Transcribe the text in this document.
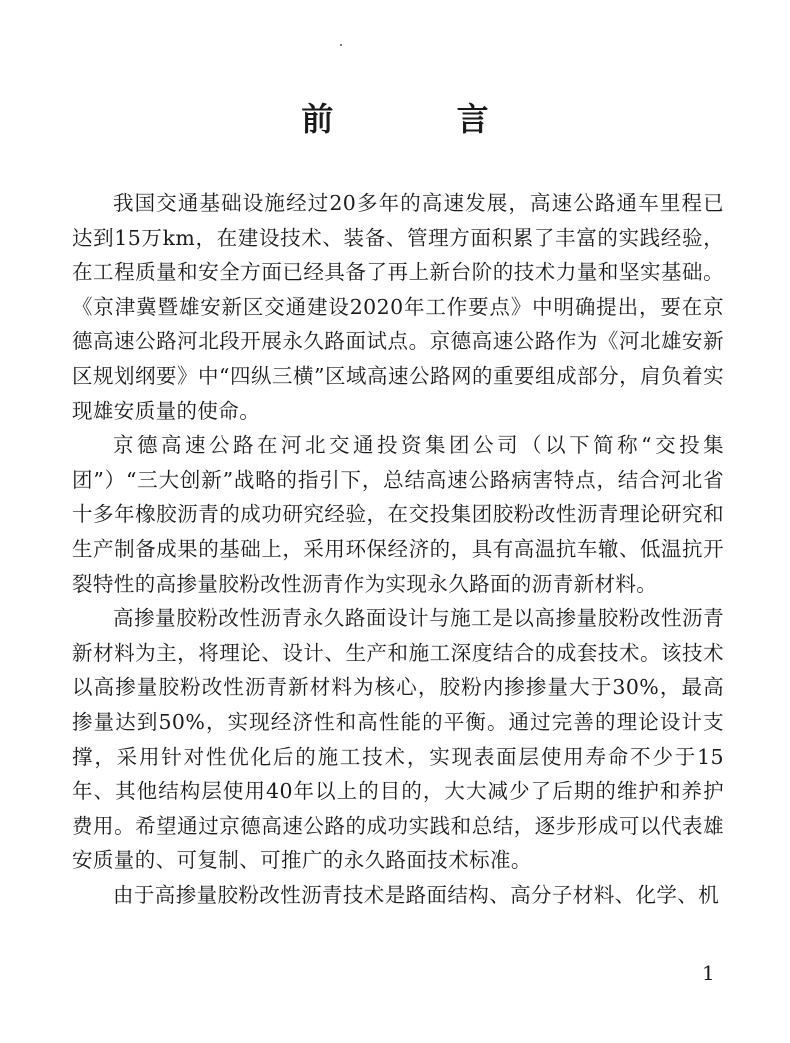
前 言

我国交通基础设施经过20多年的高速发展，高速公路通车里程已达到15万km，在建设技术、装备、管理方面积累了丰富的实践经验，在工程质量和安全方面已经具备了再上新台阶的技术力量和坚实基础。《京津冀暨雄安新区交通建设2020年工作要点》中明确提出，要在京德高速公路河北段开展永久路面试点。京德高速公路作为《河北雄安新区规划纲要》中“四纵三横”区域高速公路网的重要组成部分，肩负着实现雄安质量的使命。

京德高速公路在河北交通投资集团公司（以下简称“交投集团”）“三大创新”战略的指引下，总结高速公路病害特点，结合河北省十多年橡胶沥青的成功研究经验，在交投集团胶粉改性沥青理论研究和生产制备成果的基础上，采用环保经济的，具有高温抗车辙、低温抗开裂特性的高掺量胶粉改性沥青作为实现永久路面的沥青新材料。

高掺量胶粉改性沥青永久路面设计与施工是以高掺量胶粉改性沥青新材料为主，将理论、设计、生产和施工深度结合的成套技术。该技术以高掺量胶粉改性沥青新材料为核心，胶粉内掺掺量大于30%，最高掺量达到50%，实现经济性和高性能的平衡。通过完善的理论设计支撑，采用针对性优化后的施工技术，实现表面层使用寿命不少于15年、其他结构层使用40年以上的目的，大大减少了后期的维护和养护费用。希望通过京德高速公路的成功实践和总结，逐步形成可以代表雄安质量的、可复制、可推广的永久路面技术标准。

由于高掺量胶粉改性沥青技术是路面结构、高分子材料、化学、机

1
